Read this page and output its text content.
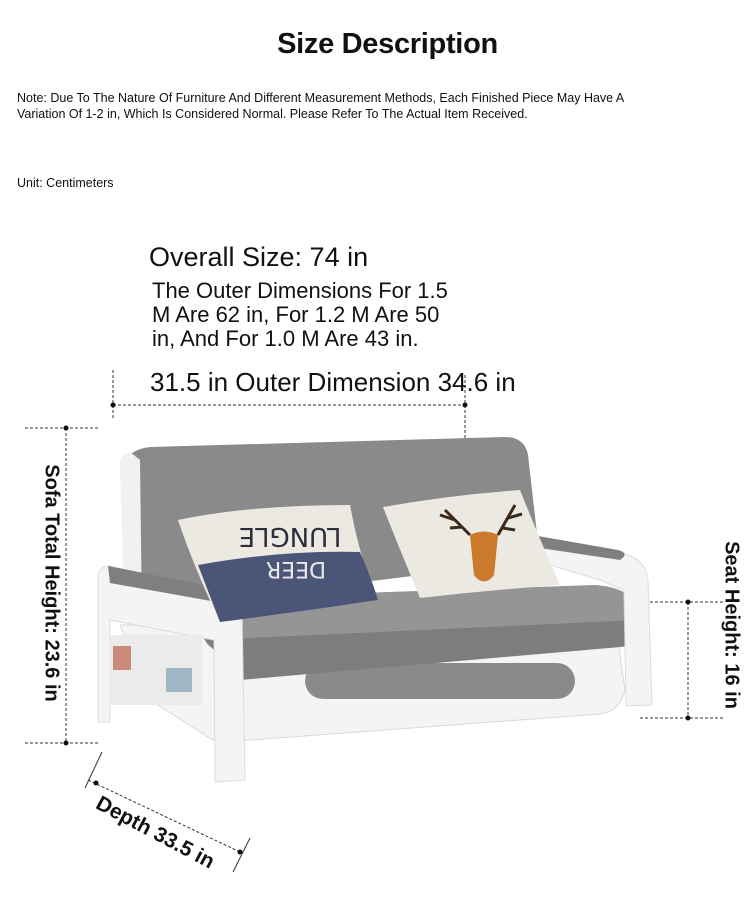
LUNGLE
DEER
Size Description
Note: Due To The Nature Of Furniture And Different Measurement Methods, Each Finished Piece May Have A Variation Of 1-2 in, Which Is Considered Normal. Please Refer To The Actual Item Received.
Unit: Centimeters
Overall Size: 74 in
The Outer Dimensions For 1.5 M Are 62 in, For 1.2 M Are 50 in, And For 1.0 M Are 43 in.
31.5 in Outer Dimension 34.6 in
Sofa Total Height: 23.6 in	Seat Height: 16 in
Depth 33.5 in
